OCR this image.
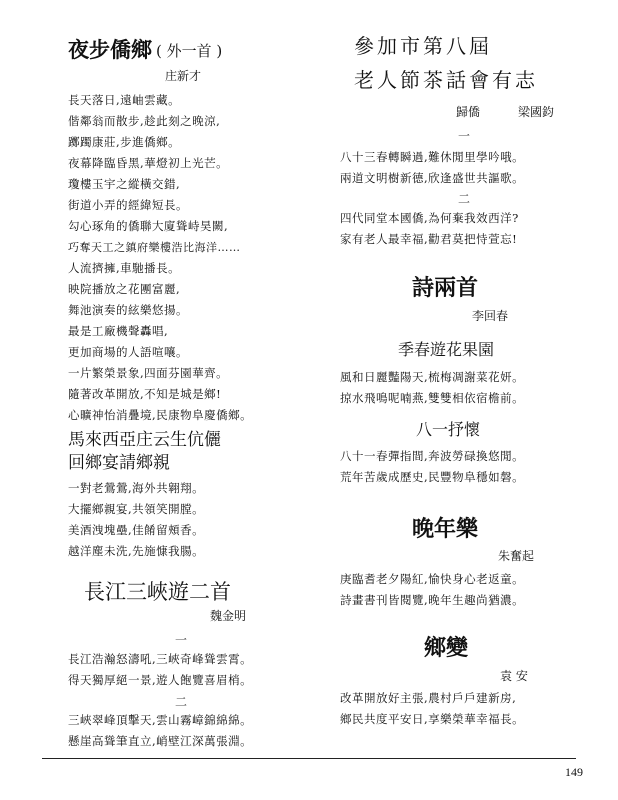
夜步僑鄉 ( 外一首 )
庄新才
長天落日,遠岫雲藏。
偕鄰翁而散步,趁此刻之晚涼,
躑躅康莊,步進僑鄉。
夜幕降臨昏黑,華燈初上光芒。
瓊樓玉宇之縱橫交錯,
街道小弄的經緯短長。
勾心琢角的僑聯大廈聳峙昊闕,
巧奪天工之鎮府樂樓浩比海洋……
人流擠擁,車馳播長。
映院播放之花團富麗,
舞池演奏的絃樂悠揚。
最是工廠機聲轟唱,
更加商場的人語喧嚷。
一片繁榮景象,四面芬園華齊。
隨著改革開放,不知是城是鄉!
心曠神怡消疊境,民康物阜慶僑鄉。
馬來西亞庄云生伉儷
回鄉宴請鄉親
一對老鶯鶯,海外共翱翔。
大擺鄉親宴,共領笑開膛。
美酒洩塊壘,佳餚留頰香。
越洋塵未洗,先施慷我腸。
長江三峽遊二首
魏金明
一
長江浩瀚怒濤吼,三峽奇峰聳雲霄。
得天獨厚絕一景,遊人飽覽喜眉梢。
二
三峽翠峰頂擊天,雲山霧嶂錦綿綿。
懸崖高聳筆直立,峭壁江深萬張淵。
參加市第八屆
老人節茶話會有志
歸僑	梁國鈞
一
八十三春轉瞬過,難休閒里學吟哦。
兩道文明樹新德,欣逢盛世共謳歌。
二
四代同堂本國僑,為何棄我效西洋?
家有老人最幸福,勸君莫把恃萱忘!
詩兩首
李回春
季春遊花果園
風和日麗豔陽天,梳梅凋謝菜花妍。
掠水飛鳴呢喃燕,雙雙相依宿檐前。
八一抒懷
八十一春彈指間,奔波勞碌換悠閒。
荒年苦歲成歷史,民豐物阜穩如磐。
晚年樂
朱奮起
庚臨耆老夕陽紅,愉快身心老返童。
詩畫書刊皆閱覽,晚年生趣尚猶濃。
鄉變
袁 安
改革開放好主張,農村戶戶建新房,
鄉民共度平安日,享樂榮華幸福長。
149
